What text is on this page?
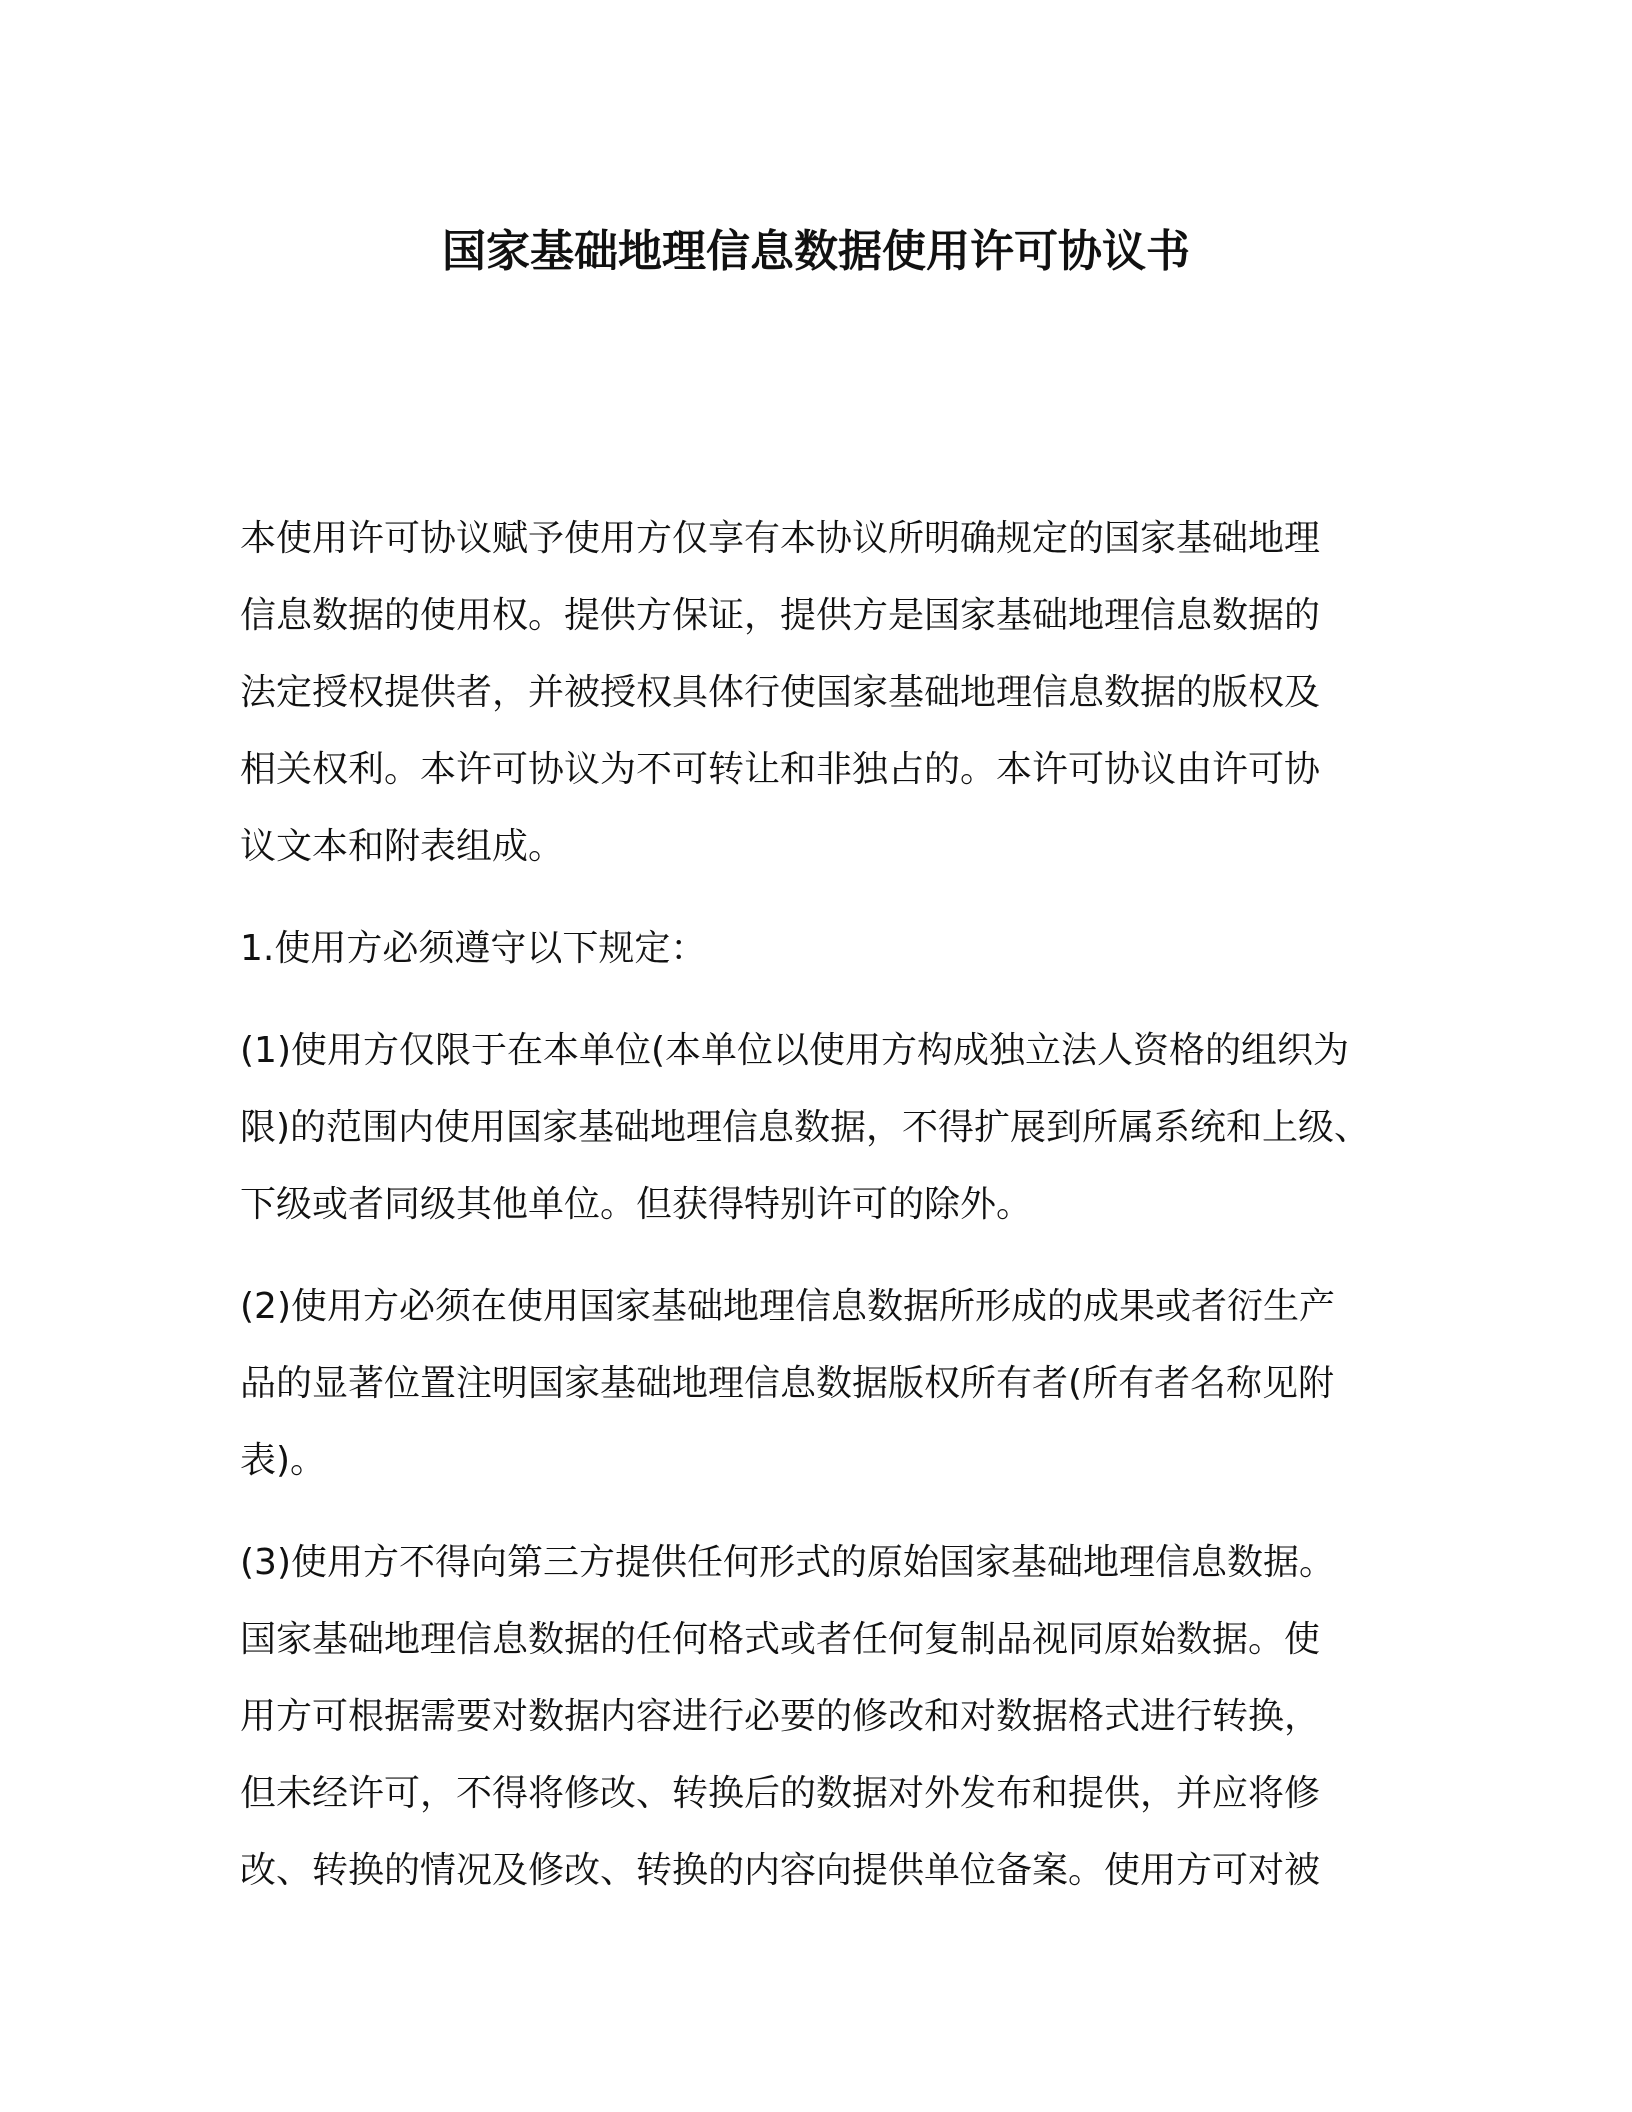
国家基础地理信息数据使用许可协议书

本使用许可协议赋予使用方仅享有本协议所明确规定的国家基础地理
信息数据的使用权。提供方保证，提供方是国家基础地理信息数据的
法定授权提供者，并被授权具体行使国家基础地理信息数据的版权及
相关权利。本许可协议为不可转让和非独占的。本许可协议由许可协
议文本和附表组成。

1.使用方必须遵守以下规定：

(1)使用方仅限于在本单位(本单位以使用方构成独立法人资格的组织为
限)的范围内使用国家基础地理信息数据，不得扩展到所属系统和上级、
下级或者同级其他单位。但获得特别许可的除外。

(2)使用方必须在使用国家基础地理信息数据所形成的成果或者衍生产
品的显著位置注明国家基础地理信息数据版权所有者(所有者名称见附
表)。

(3)使用方不得向第三方提供任何形式的原始国家基础地理信息数据。
国家基础地理信息数据的任何格式或者任何复制品视同原始数据。使
用方可根据需要对数据内容进行必要的修改和对数据格式进行转换，
但未经许可，不得将修改、转换后的数据对外发布和提供，并应将修
改、转换的情况及修改、转换的内容向提供单位备案。使用方可对被
